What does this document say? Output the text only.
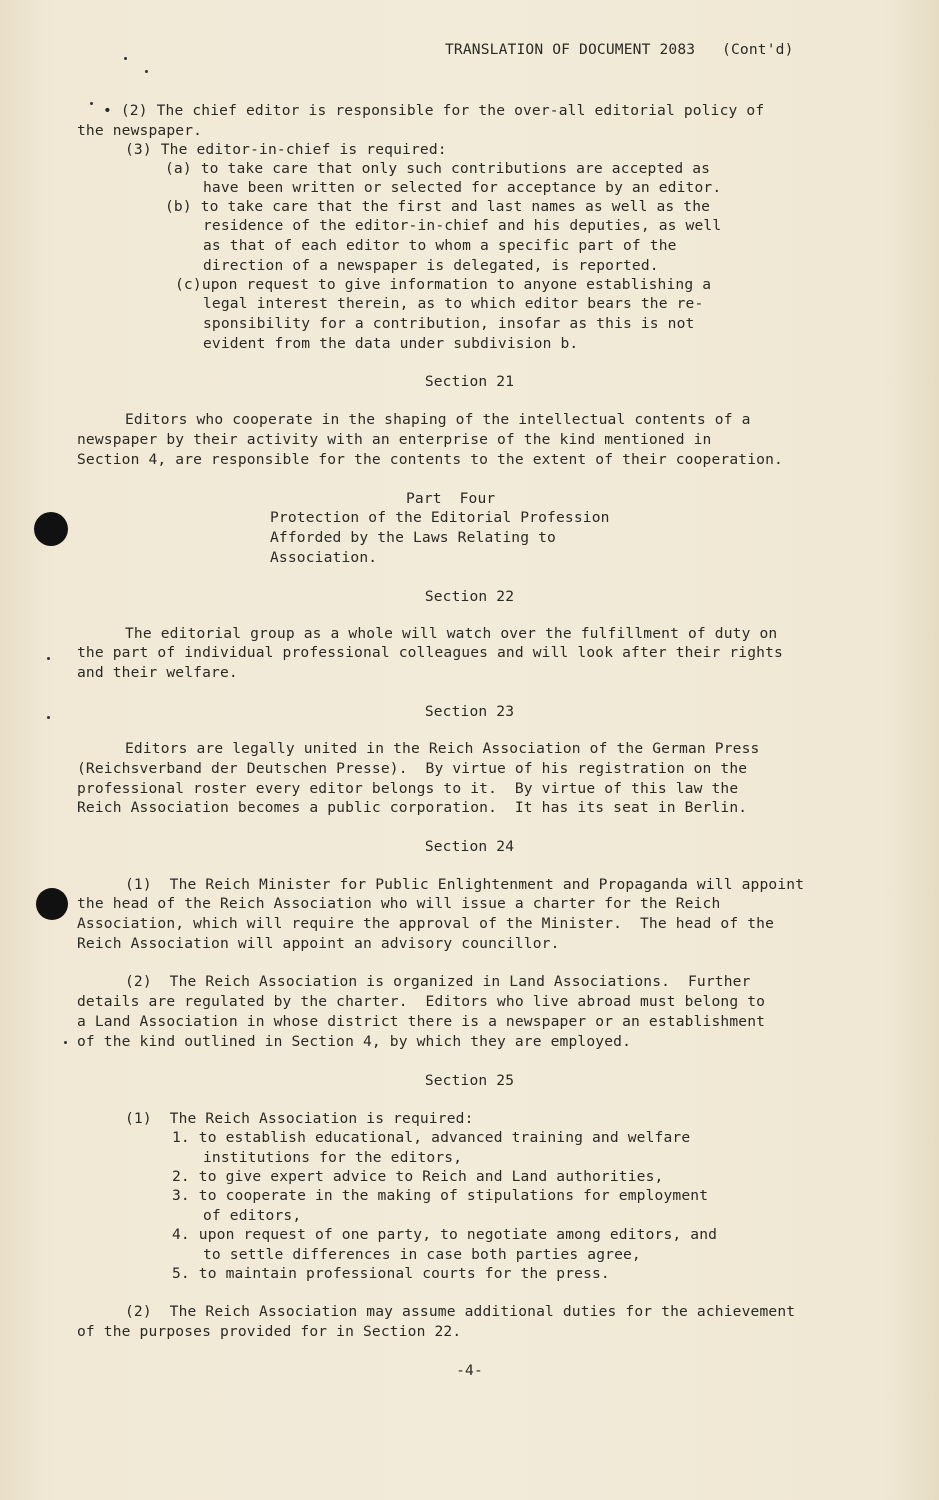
TRANSLATION OF DOCUMENT 2083   (Cont'd)
• (2) The chief editor is responsible for the over-all editorial policy of
the newspaper.
(3) The editor-in-chief is required:
(a) to take care that only such contributions are accepted as
have been written or selected for acceptance by an editor.
(b) to take care that the first and last names as well as the
residence of the editor-in-chief and his deputies, as well
as that of each editor to whom a specific part of the
direction of a newspaper is delegated, is reported.
(c)upon request to give information to anyone establishing a
legal interest therein, as to which editor bears the re-
sponsibility for a contribution, insofar as this is not
evident from the data under subdivision b.
Section 21
Editors who cooperate in the shaping of the intellectual contents of a
newspaper by their activity with an enterprise of the kind mentioned in
Section 4, are responsible for the contents to the extent of their cooperation.
Part  Four
Protection of the Editorial Profession
Afforded by the Laws Relating to
Association.
Section 22
The editorial group as a whole will watch over the fulfillment of duty on
the part of individual professional colleagues and will look after their rights
and their welfare.
Section 23
Editors are legally united in the Reich Association of the German Press
(Reichsverband der Deutschen Presse).  By virtue of his registration on the
professional roster every editor belongs to it.  By virtue of this law the
Reich Association becomes a public corporation.  It has its seat in Berlin.
Section 24
(1)  The Reich Minister for Public Enlightenment and Propaganda will appoint
the head of the Reich Association who will issue a charter for the Reich
Association, which will require the approval of the Minister.  The head of the
Reich Association will appoint an advisory councillor.
(2)  The Reich Association is organized in Land Associations.  Further
details are regulated by the charter.  Editors who live abroad must belong to
a Land Association in whose district there is a newspaper or an establishment
of the kind outlined in Section 4, by which they are employed.
Section 25
(1)  The Reich Association is required:
1. to establish educational, advanced training and welfare
institutions for the editors,
2. to give expert advice to Reich and Land authorities,
3. to cooperate in the making of stipulations for employment
of editors,
4. upon request of one party, to negotiate among editors, and
to settle differences in case both parties agree,
5. to maintain professional courts for the press.
(2)  The Reich Association may assume additional duties for the achievement
of the purposes provided for in Section 22.
-4-
